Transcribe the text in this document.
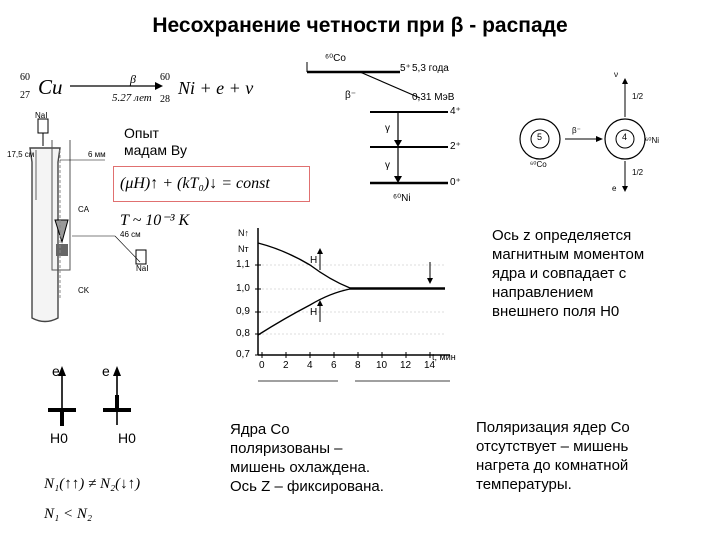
Несохранение четности при β - распаде
60
27 Cu	β
5.27 лет
60
28
Ni + e + ν
NaI
17,5 см
46 см
6 мм
CA
CK
NaI
Опыт
мадам Ву
(μH)↑ + (kT₀)↓ = const
T ~ 10⁻³ K
⁶⁰Co
5⁺ 5,3 года
β⁻	0,31 МэВ
γ
γ
4⁺
2⁺
0⁺
⁶⁰Ni
5	4
⁶⁰Co
⁶⁰Ni
β⁻
ν
1/2
1/2
e
N↑
Nт
1,1
1,0
0,9
0,8
0,7
0 2 4 6 8 10 12 14
t, мин
H
H
Ось z определяется
магнитным моментом
ядра и совпадает с
направлением
внешнего поля Н0
e	e
H0	H0
N₁(↑↑) ≠ N₂(↓↑)
N₁ < N₂
Ядра Со
поляризованы –
мишень охлаждена.
Ось Z – фиксирована.
Поляризация ядер Со
отсутствует – мишень
нагрета до комнатной
температуры.
